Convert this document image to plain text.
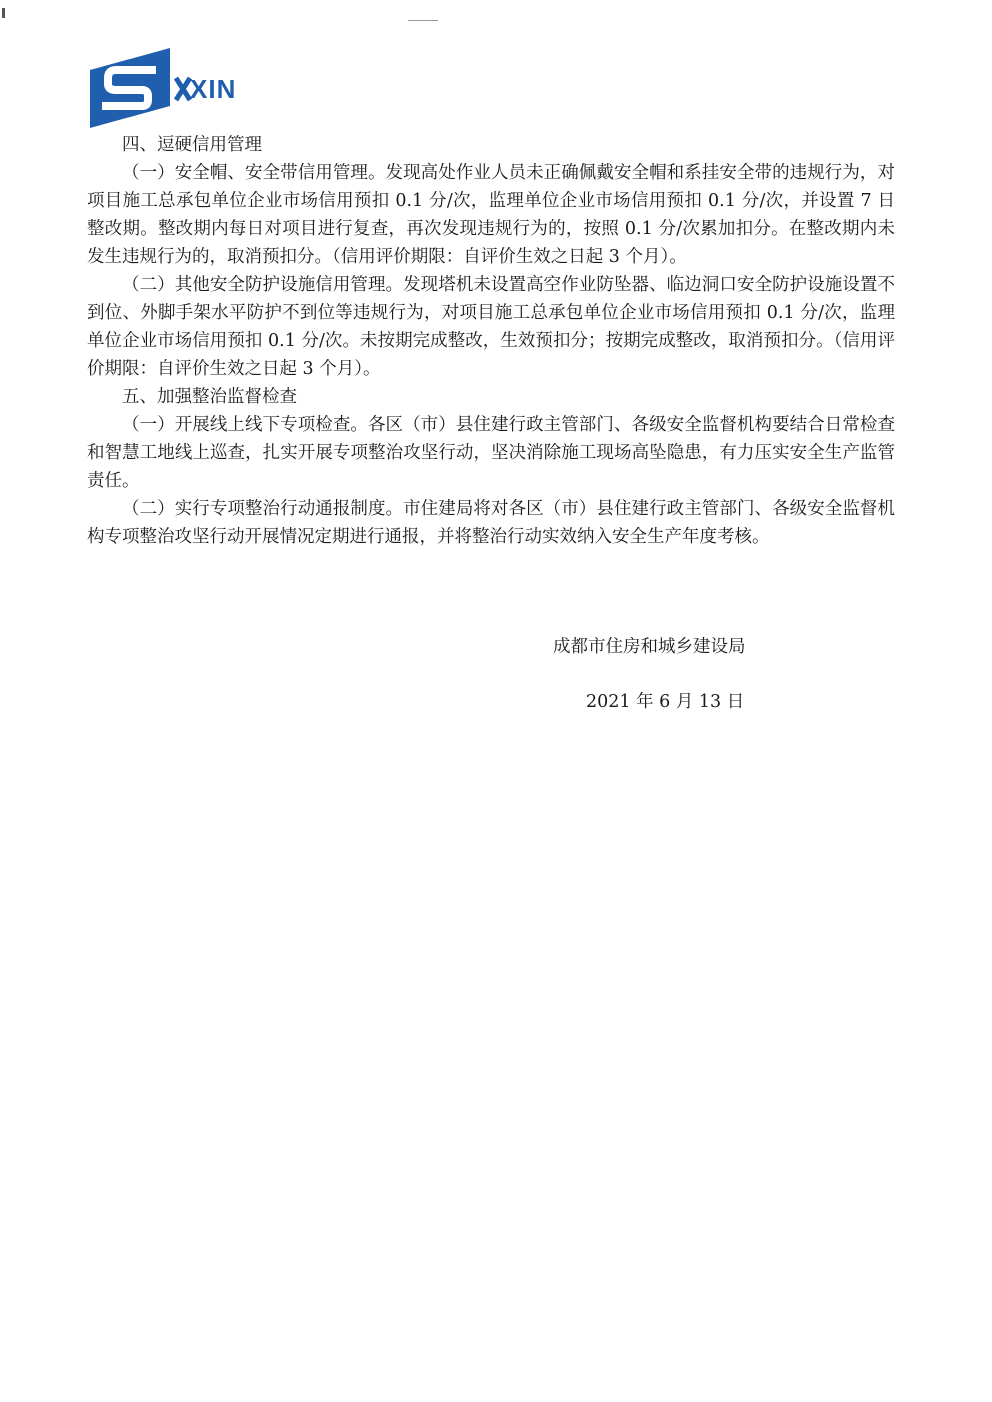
XIN

四、逗硬信用管理

（一）安全帽、安全带信用管理。发现高处作业人员未正确佩戴安全帽和系挂安全带的违规行为，对项目施工总承包单位企业市场信用预扣 0.1 分/次，监理单位企业市场信用预扣 0.1 分/次，并设置 7 日整改期。整改期内每日对项目进行复查，再次发现违规行为的，按照 0.1 分/次累加扣分。在整改期内未发生违规行为的，取消预扣分。（信用评价期限：自评价生效之日起 3 个月）。

（二）其他安全防护设施信用管理。发现塔机未设置高空作业防坠器、临边洞口安全防护设施设置不到位、外脚手架水平防护不到位等违规行为，对项目施工总承包单位企业市场信用预扣 0.1 分/次，监理单位企业市场信用预扣 0.1 分/次。未按期完成整改，生效预扣分；按期完成整改，取消预扣分。（信用评价期限：自评价生效之日起 3 个月）。

五、加强整治监督检查

（一）开展线上线下专项检查。各区（市）县住建行政主管部门、各级安全监督机构要结合日常检查和智慧工地线上巡查，扎实开展专项整治攻坚行动，坚决消除施工现场高坠隐患，有力压实安全生产监管责任。

（二）实行专项整治行动通报制度。市住建局将对各区（市）县住建行政主管部门、各级安全监督机构专项整治攻坚行动开展情况定期进行通报，并将整治行动实效纳入安全生产年度考核。

成都市住房和城乡建设局
2021 年 6 月 13 日
